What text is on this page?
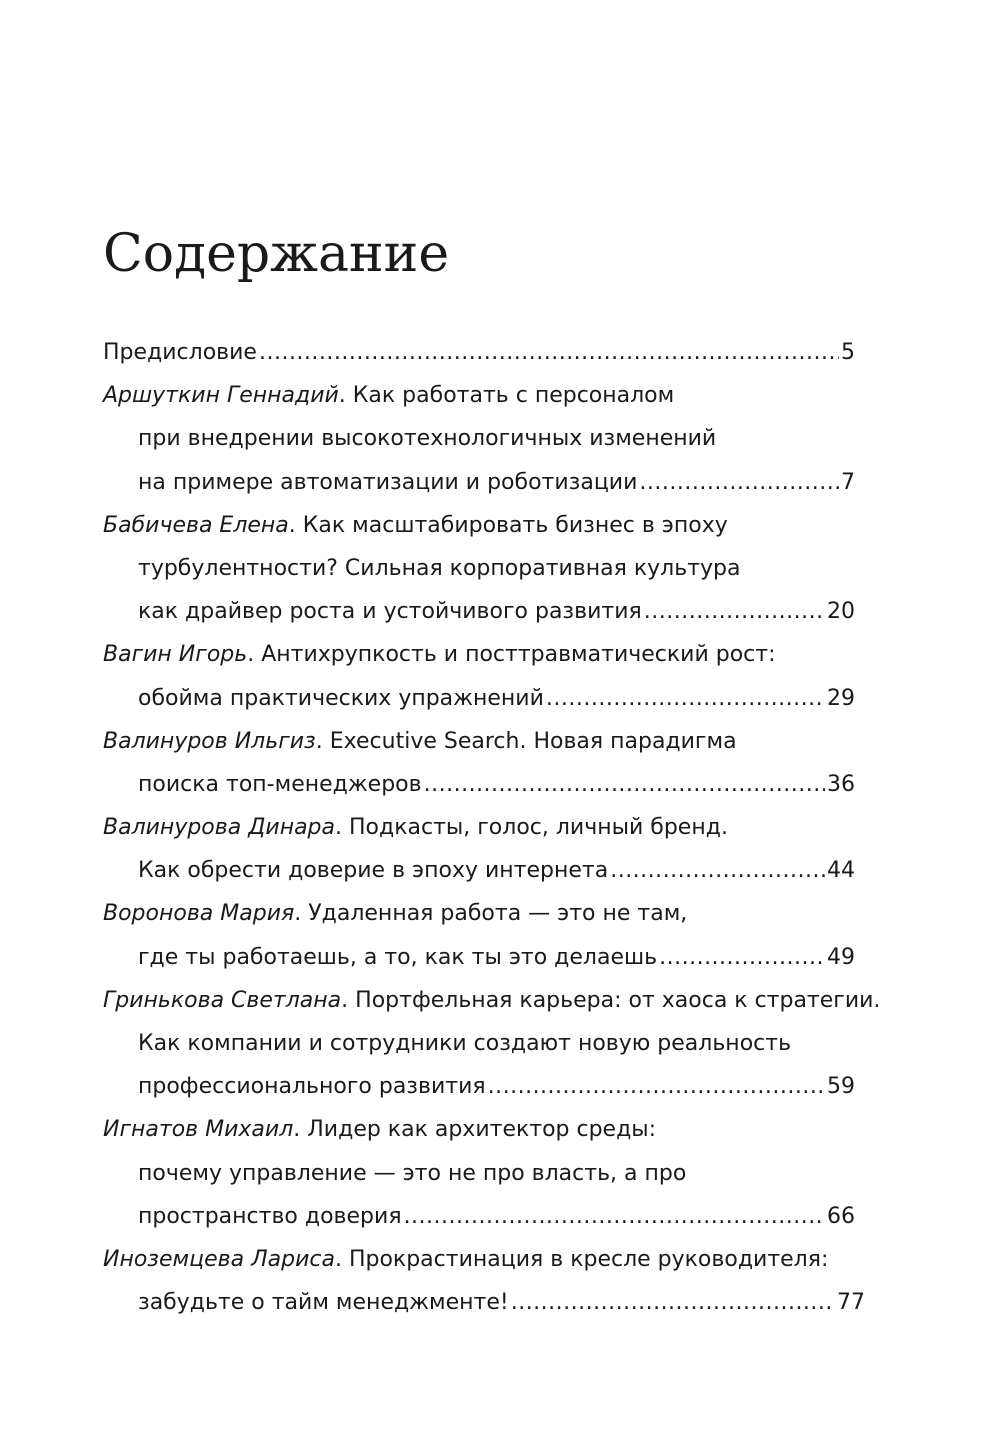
Содержание
Предисловие .....	5
Аршуткин Геннадий . Как работать с персоналом
при внедрении высокотехнологичных изменений
на примере автоматизации и роботизации .....	7
Бабичева Елена . Как масштабировать бизнес в эпоху
турбулентности? Сильная корпоративная культура
как драйвер роста и устойчивого развития .....	20
Вагин Игорь . Антихрупкость и посттравматический рост:
обойма практических упражнений .....	29
Валинуров Ильгиз . Executive Search. Новая парадигма
поиска топ-менеджеров .....	36
Валинурова Динара . Подкасты, голос, личный бренд.
Как обрести доверие в эпоху интернета .....	44
Воронова Мария . Удаленная работа — это не там,
где ты работаешь, а то, как ты это делаешь .....	49
Гринькова Светлана . Портфельная карьера: от хаоса к стратегии.
Как компании и сотрудники создают новую реальность
профессионального развития .....	59
Игнатов Михаил . Лидер как архитектор среды:
почему управление — это не про власть, а про
пространство доверия .....	66
Иноземцева Лариса . Прокрастинация в кресле руководителя:
забудьте о тайм менеджменте! .....	77
